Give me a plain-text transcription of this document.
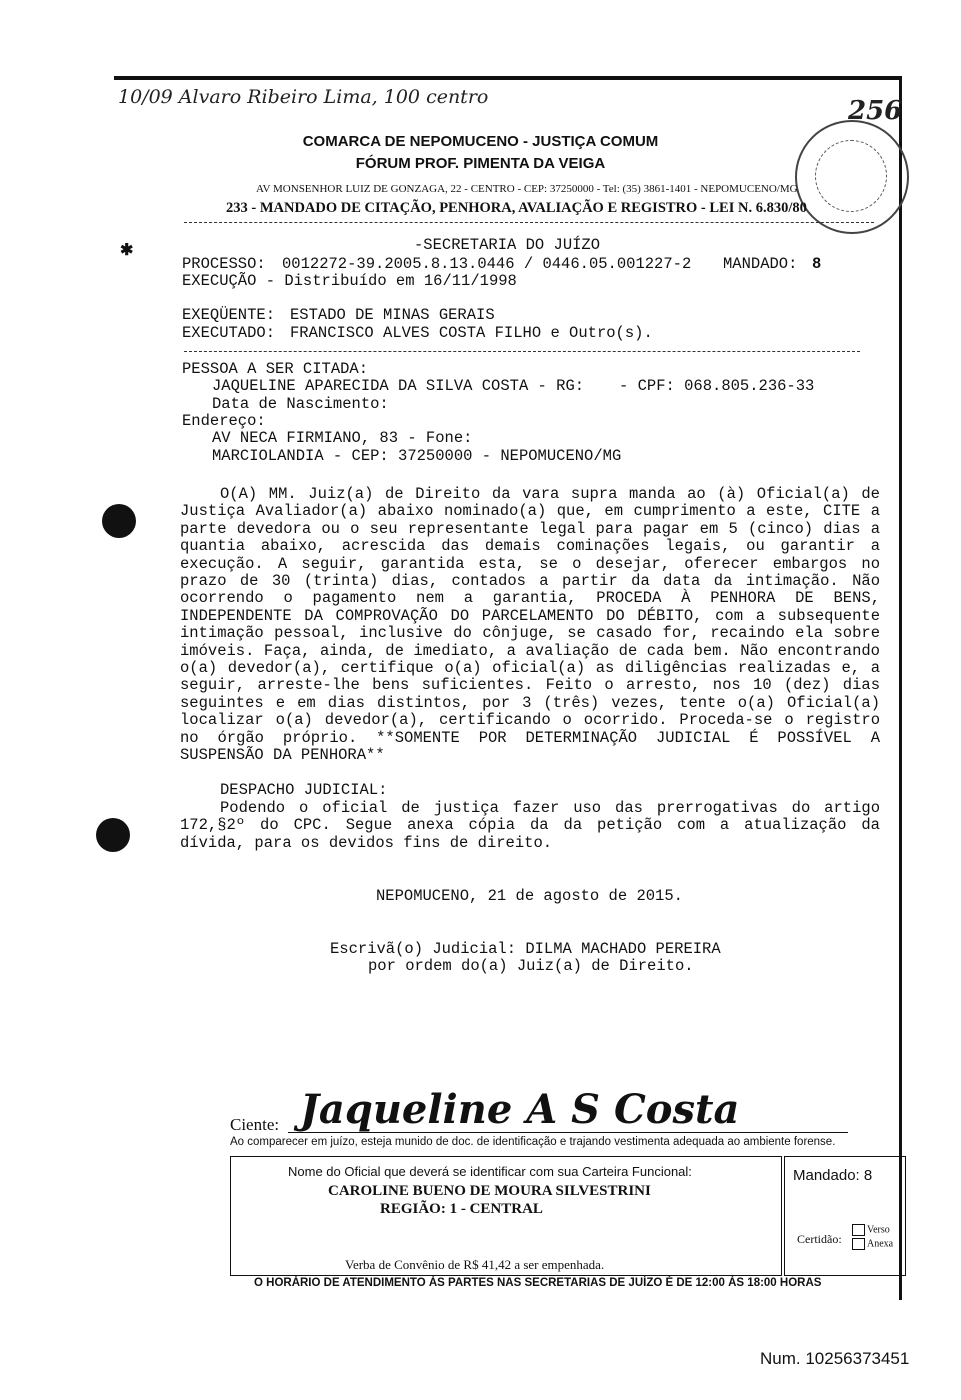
10/09 Alvaro Ribeiro Lima, 100 centro	256
COMARCA DE NEPOMUCENO - JUSTIÇA COMUM
FÓRUM PROF. PIMENTA DA VEIGA
AV MONSENHOR LUIZ DE GONZAGA, 22 - CENTRO - CEP: 37250000 - Tel: (35) 3861-1401 - NEPOMUCENO/MG
233 - MANDADO DE CITAÇÃO, PENHORA, AVALIAÇÃO E REGISTRO - LEI N. 6.830/80
✱	-SECRETARIA DO JUÍZO
PROCESSO: 0012272-39.2005.8.13.0446 / 0446.05.001227-2 MANDADO: 8
EXECUÇÃO - Distribuído em 16/11/1998
EXEQÜENTE: ESTADO DE MINAS GERAIS
EXECUTADO: FRANCISCO ALVES COSTA FILHO e Outro(s).
PESSOA A SER CITADA:
JAQUELINE APARECIDA DA SILVA COSTA - RG: - CPF: 068.805.236-33
Data de Nascimento:
Endereço:
AV NECA FIRMIANO, 83 - Fone:
MARCIOLANDIA - CEP: 37250000 - NEPOMUCENO/MG
O(A) MM. Juiz(a) de Direito da vara supra manda ao (à) Oficial(a) de Justiça Avaliador(a) abaixo nominado(a) que, em cumprimento a este, CITE a parte devedora ou o seu representante legal para pagar em 5 (cinco) dias a quantia abaixo, acrescida das demais cominações legais, ou garantir a execução. A seguir, garantida esta, se o desejar, oferecer embargos no prazo de 30 (trinta) dias, contados a partir da data da intimação. Não ocorrendo o pagamento nem a garantia, PROCEDA À PENHORA DE BENS, INDEPENDENTE DA COMPROVAÇÃO DO PARCELAMENTO DO DÉBITO, com a subsequente intimação pessoal, inclusive do cônjuge, se casado for, recaindo ela sobre imóveis. Faça, ainda, de imediato, a avaliação de cada bem. Não encontrando o(a) devedor(a), certifique o(a) oficial(a) as diligências realizadas e, a seguir, arreste-lhe bens suficientes. Feito o arresto, nos 10 (dez) dias seguintes e em dias distintos, por 3 (três) vezes, tente o(a) Oficial(a) localizar o(a) devedor(a), certificando o ocorrido. Proceda-se o registro no órgão próprio. **SOMENTE POR DETERMINAÇÃO JUDICIAL É POSSÍVEL A SUSPENSÃO DA PENHORA**
DESPACHO JUDICIAL:
Podendo o oficial de justiça fazer uso das prerrogativas do artigo 172,§2º do CPC. Segue anexa cópia da da petição com a atualização da dívida, para os devidos fins de direito.
NEPOMUCENO, 21 de agosto de 2015.
Escrivã(o) Judicial: DILMA MACHADO PEREIRA
por ordem do(a) Juiz(a) de Direito.
Ciente: Jaqueline A S Costa
Ao comparecer em juízo, esteja munido de doc. de identificação e trajando vestimenta adequada ao ambiente forense.
Nome do Oficial que deverá se identificar com sua Carteira Funcional:
CAROLINE BUENO DE MOURA SILVESTRINI
REGIÃO: 1 - CENTRAL
Verba de Convênio de R$ 41,42 a ser empenhada.
Mandado: 8
Certidão:
Verso
Anexa
O HORÁRIO DE ATENDIMENTO ÀS PARTES NAS SECRETARIAS DE JUÍZO É DE 12:00 ÀS 18:00 HORAS
Num. 10256373451
